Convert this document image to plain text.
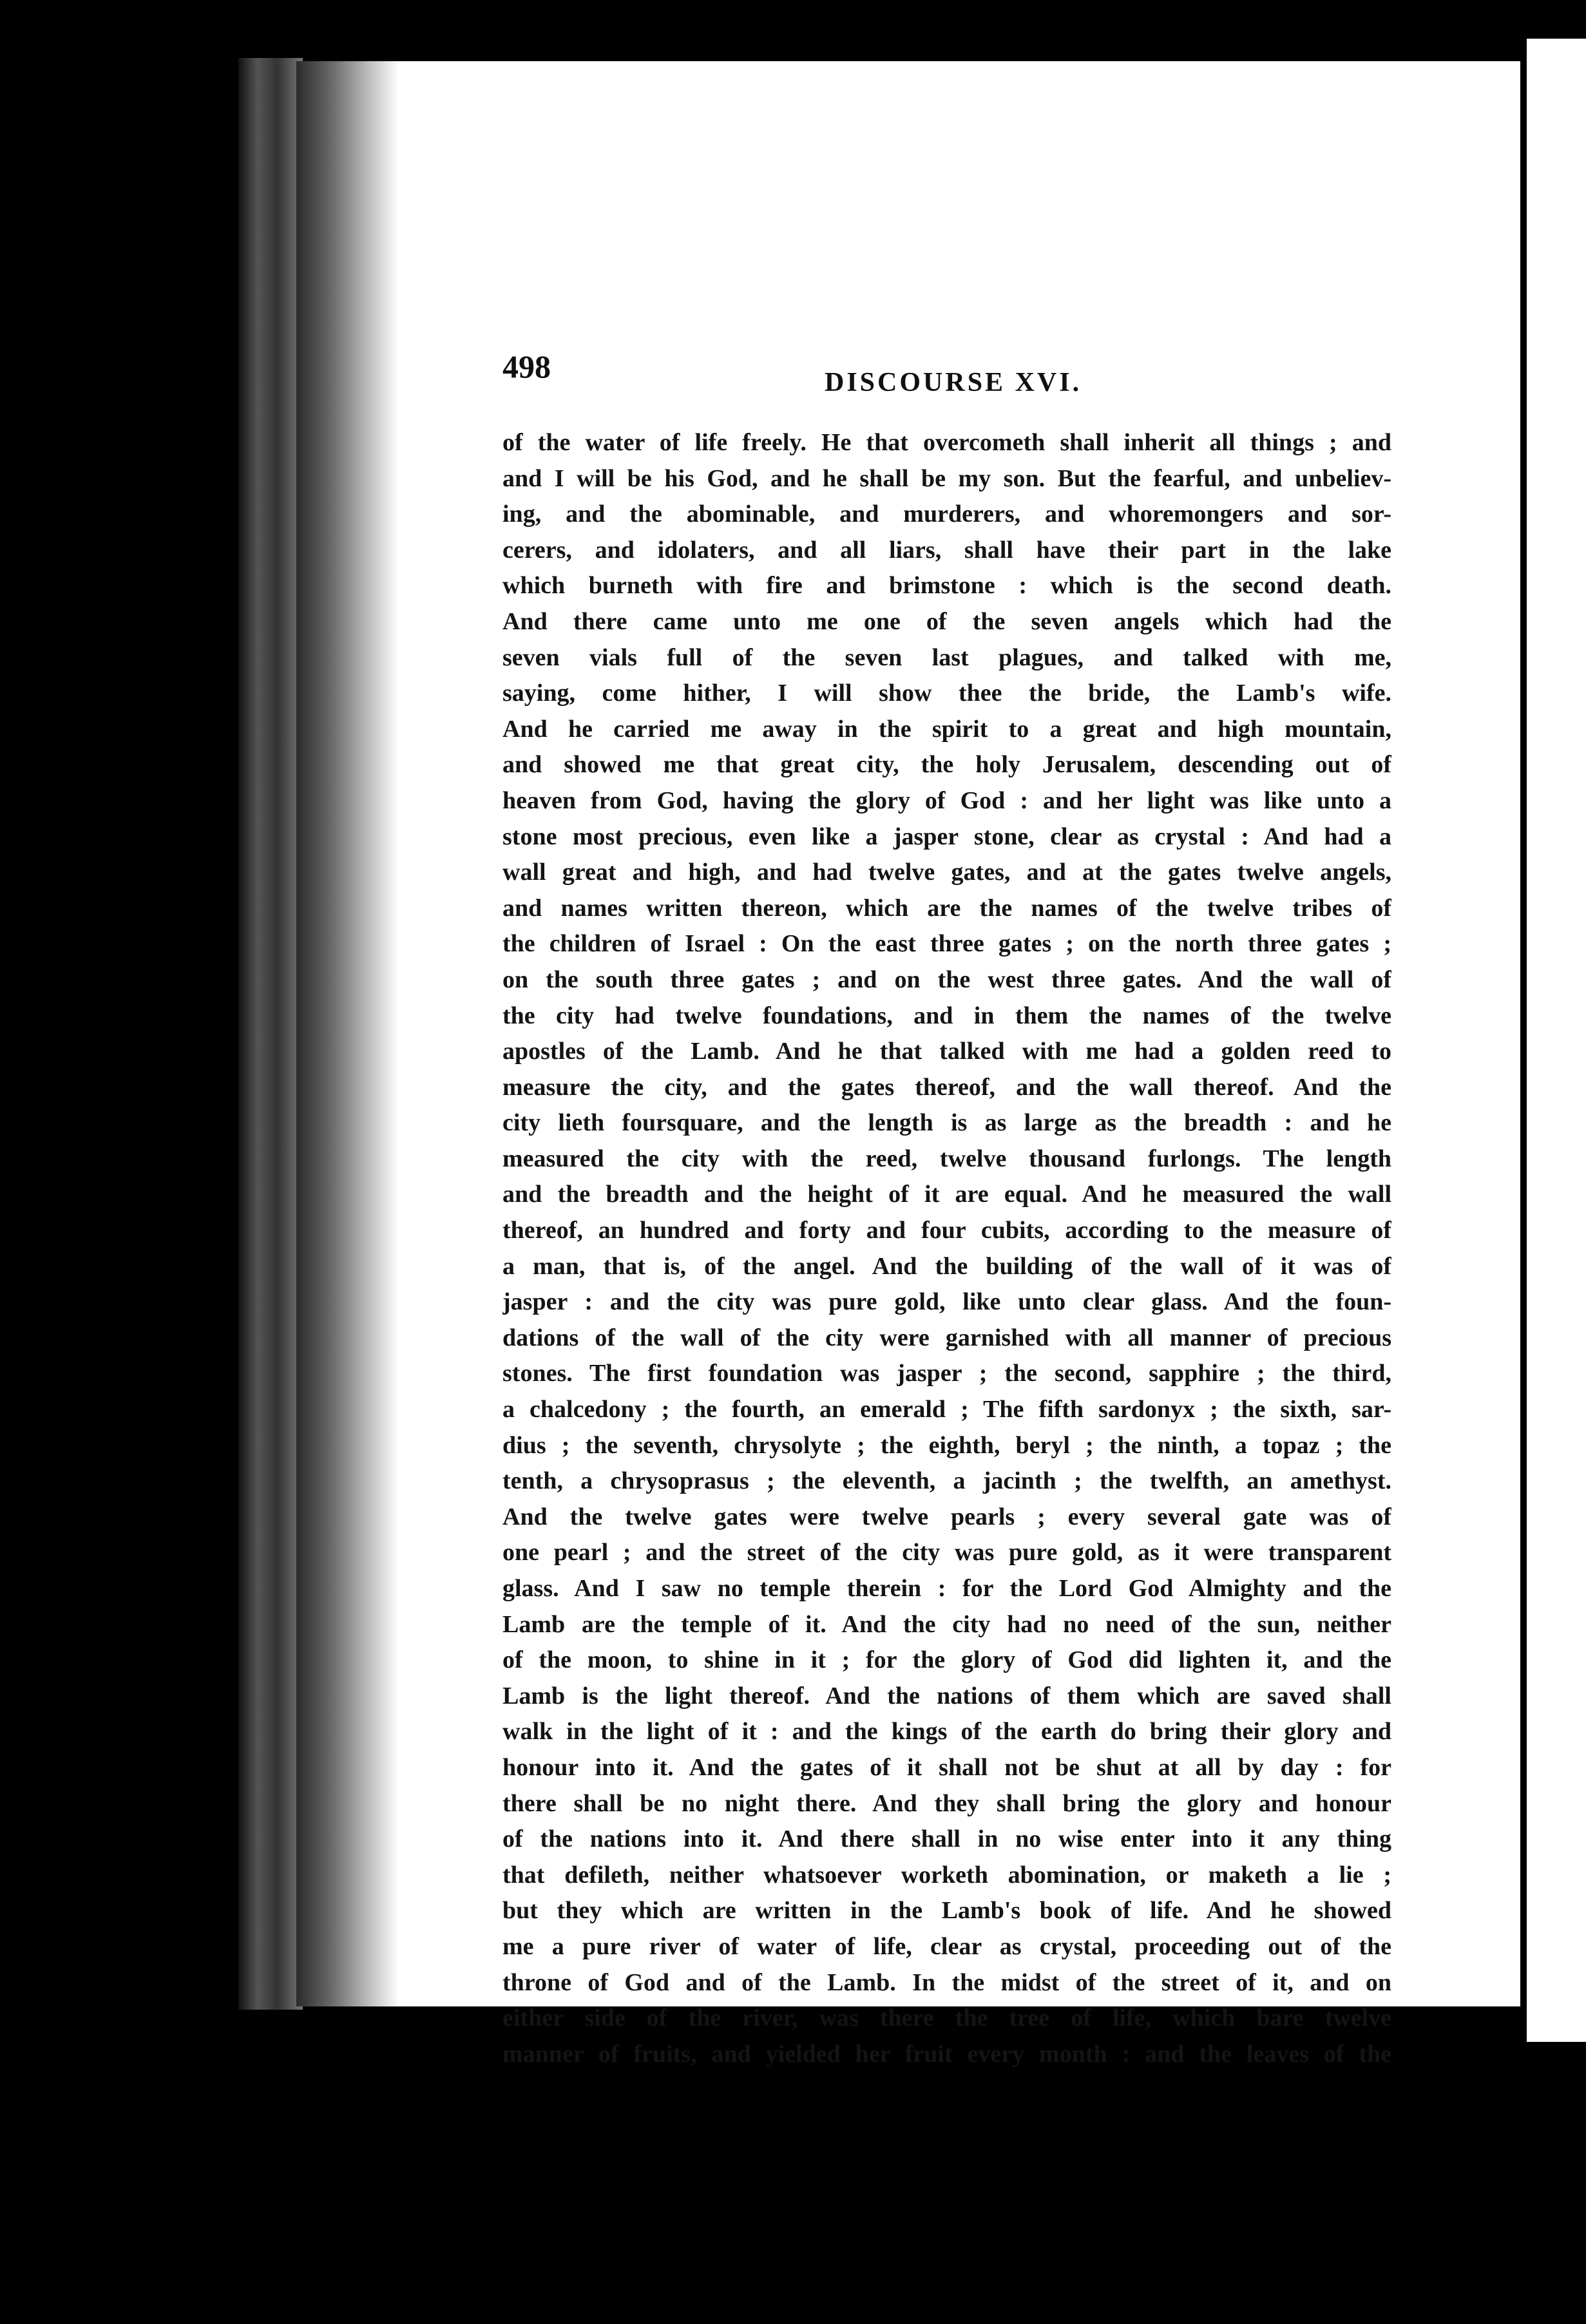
498	DISCOURSE XVI.
of the water of life freely. He that overcometh shall inherit all things ; and
and I will be his God, and he shall be my son. But the fearful, and unbeliev-
ing, and the abominable, and murderers, and whoremongers and sor-
cerers, and idolaters, and all liars, shall have their part in the lake
which burneth with fire and brimstone : which is the second death.
And there came unto me one of the seven angels which had the
seven vials full of the seven last plagues, and talked with me,
saying, come hither, I will show thee the bride, the Lamb's wife.
And he carried me away in the spirit to a great and high mountain,
and showed me that great city, the holy Jerusalem, descending out of
heaven from God, having the glory of God : and her light was like unto a
stone most precious, even like a jasper stone, clear as crystal : And had a
wall great and high, and had twelve gates, and at the gates twelve angels,
and names written thereon, which are the names of the twelve tribes of
the children of Israel : On the east three gates ; on the north three gates ;
on the south three gates ; and on the west three gates. And the wall of
the city had twelve foundations, and in them the names of the twelve
apostles of the Lamb. And he that talked with me had a golden reed to
measure the city, and the gates thereof, and the wall thereof. And the
city lieth foursquare, and the length is as large as the breadth : and he
measured the city with the reed, twelve thousand furlongs. The length
and the breadth and the height of it are equal. And he measured the wall
thereof, an hundred and forty and four cubits, according to the measure of
a man, that is, of the angel. And the building of the wall of it was of
jasper : and the city was pure gold, like unto clear glass. And the foun-
dations of the wall of the city were garnished with all manner of precious
stones. The first foundation was jasper ; the second, sapphire ; the third,
a chalcedony ; the fourth, an emerald ; The fifth sardonyx ; the sixth, sar-
dius ; the seventh, chrysolyte ; the eighth, beryl ; the ninth, a topaz ; the
tenth, a chrysoprasus ; the eleventh, a jacinth ; the twelfth, an amethyst.
And the twelve gates were twelve pearls ; every several gate was of
one pearl ; and the street of the city was pure gold, as it were transparent
glass. And I saw no temple therein : for the Lord God Almighty and the
Lamb are the temple of it. And the city had no need of the sun, neither
of the moon, to shine in it ; for the glory of God did lighten it, and the
Lamb is the light thereof. And the nations of them which are saved shall
walk in the light of it : and the kings of the earth do bring their glory and
honour into it. And the gates of it shall not be shut at all by day : for
there shall be no night there. And they shall bring the glory and honour
of the nations into it. And there shall in no wise enter into it any thing
that defileth, neither whatsoever worketh abomination, or maketh a lie ;
but they which are written in the Lamb's book of life. And he showed
me a pure river of water of life, clear as crystal, proceeding out of the
throne of God and of the Lamb. In the midst of the street of it, and on
either side of the river, was there the tree of life, which bare twelve
manner of fruits, and yielded her fruit every month : and the leaves of the
